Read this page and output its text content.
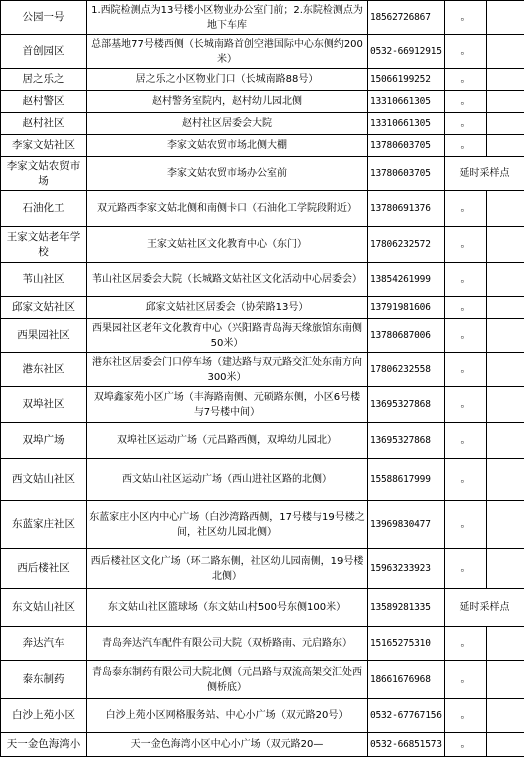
公园一号	1.西院检测点为13号楼小区物业办公室门前；2.东院检测点为地下车库	18562726867	。	
首创园区	总部基地77号楼西侧（长城南路首创空港国际中心东侧约200米）	0532-66912915	。	
居之乐之	居之乐之小区物业门口（长城南路88号）	15066199252	。	
赵村警区	赵村警务室院内，赵村幼儿园北侧	13310661305	。	
赵村社区	赵村社区居委会大院	13310661305	。	
李家文姑社区	李家文姑农贸市场北侧大棚	13780603705	。	
李家文姑农贸市场	李家文姑农贸市场办公室前	13780603705	延时采样点	
石油化工	双元路西李家文姑北侧和南侧卡口（石油化工学院段附近）	13780691376	。	
王家文姑老年学校	王家文姑社区文化教育中心（东门）	17806232572	。	
苇山社区	苇山社区居委会大院（长城路文姑社区文化活动中心居委会）	13854261999	。	
邱家文姑社区	邱家文姑社区居委会（协荣路13号）	13791981606	。	
西果园社区	西果园社区老年文化教育中心（兴阳路青岛海天缘旅馆东南侧50米）	13780687006	。	
港东社区	港东社区居委会门口停车场（建达路与双元路交汇处东南方向300米）	17806232558	。	
双埠社区	双埠鑫家苑小区广场（丰海路南侧、元硕路东侧，小区6号楼与7号楼中间）	13695327868	。	
双埠广场	双埠社区运动广场（元昌路西侧，双埠幼儿园北）	13695327868	。	
西文姑山社区	西文姑山社区运动广场（西山进社区路的北侧）	15588617999	。	
东蓝家庄社区	东蓝家庄小区内中心广场（白沙湾路西侧，17号楼与19号楼之间，社区幼儿园北侧）	13969830477	。	
西后楼社区	西后楼社区文化广场（环二路东侧，社区幼儿园南侧，19号楼北侧）	15963233923	。	
东文姑山社区	东文姑山社区篮球场（东文姑山村500号东侧100米）	13589281335	延时采样点	
奔达汽车	青岛奔达汽车配件有限公司大院（双桥路南、元启路东）	15165275310	。	
泰东制药	青岛泰东制药有限公司大院北侧（元昌路与双流高架交汇处西侧桥底）	18661676968	。	
白沙上苑小区	白沙上苑小区网格服务站、中心小广场（双元路20号）	0532-67767156	。	
天一金色海湾小	天一金色海湾小区中心小广场（双元路20—	0532-66851573	。	
